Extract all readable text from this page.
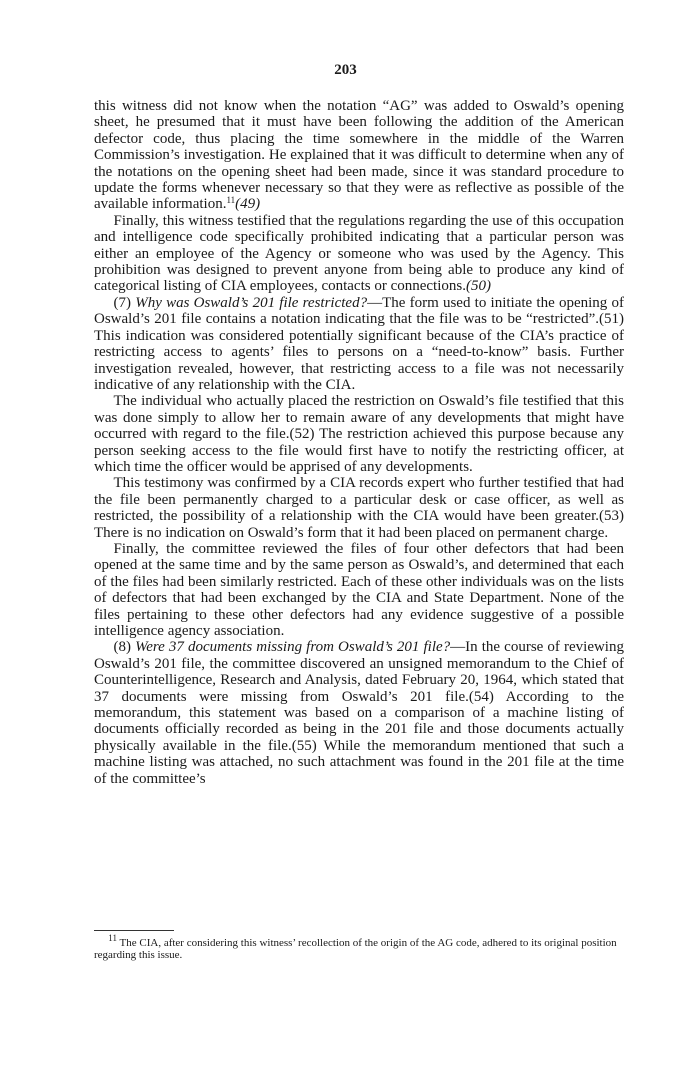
203

this witness did not know when the notation “AG” was added to Oswald’s opening sheet, he presumed that it must have been following the addition of the American defector code, thus placing the time somewhere in the middle of the Warren Commission’s investigation. He explained that it was difficult to determine when any of the notations on the opening sheet had been made, since it was standard procedure to update the forms whenever necessary so that they were as reflective as possible of the available information.$^{11}$(49)

Finally, this witness testified that the regulations regarding the use of this occupation and intelligence code specifically prohibited indicating that a particular person was either an employee of the Agency or someone who was used by the Agency. This prohibition was designed to prevent anyone from being able to produce any kind of categorical listing of CIA employees, contacts or connections.(50)

(7) Why was Oswald’s 201 file restricted?—The form used to initiate the opening of Oswald’s 201 file contains a notation indicating that the file was to be “restricted”.(51) This indication was considered potentially significant because of the CIA’s practice of restricting access to agents’ files to persons on a “need-to-know” basis. Further investigation revealed, however, that restricting access to a file was not necessarily indicative of any relationship with the CIA.

The individual who actually placed the restriction on Oswald’s file testified that this was done simply to allow her to remain aware of any developments that might have occurred with regard to the file.(52) The restriction achieved this purpose because any person seeking access to the file would first have to notify the restricting officer, at which time the officer would be apprised of any developments.

This testimony was confirmed by a CIA records expert who further testified that had the file been permanently charged to a particular desk or case officer, as well as restricted, the possibility of a relationship with the CIA would have been greater.(53) There is no indication on Oswald’s form that it had been placed on permanent charge.

Finally, the committee reviewed the files of four other defectors that had been opened at the same time and by the same person as Oswald’s, and determined that each of the files had been similarly restricted. Each of these other individuals was on the lists of defectors that had been exchanged by the CIA and State Department. None of the files pertaining to these other defectors had any evidence suggestive of a possible intelligence agency association.

(8) Were 37 documents missing from Oswald’s 201 file?—In the course of reviewing Oswald’s 201 file, the committee discovered an unsigned memorandum to the Chief of Counterintelligence, Research and Analysis, dated February 20, 1964, which stated that 37 documents were missing from Oswald’s 201 file.(54) According to the memorandum, this statement was based on a comparison of a machine listing of documents officially recorded as being in the 201 file and those documents actually physically available in the file.(55) While the memorandum mentioned that such a machine listing was attached, no such attachment was found in the 201 file at the time of the committee’s

$^{11}$ The CIA, after considering this witness’ recollection of the origin of the AG code, adhered to its original position regarding this issue.
